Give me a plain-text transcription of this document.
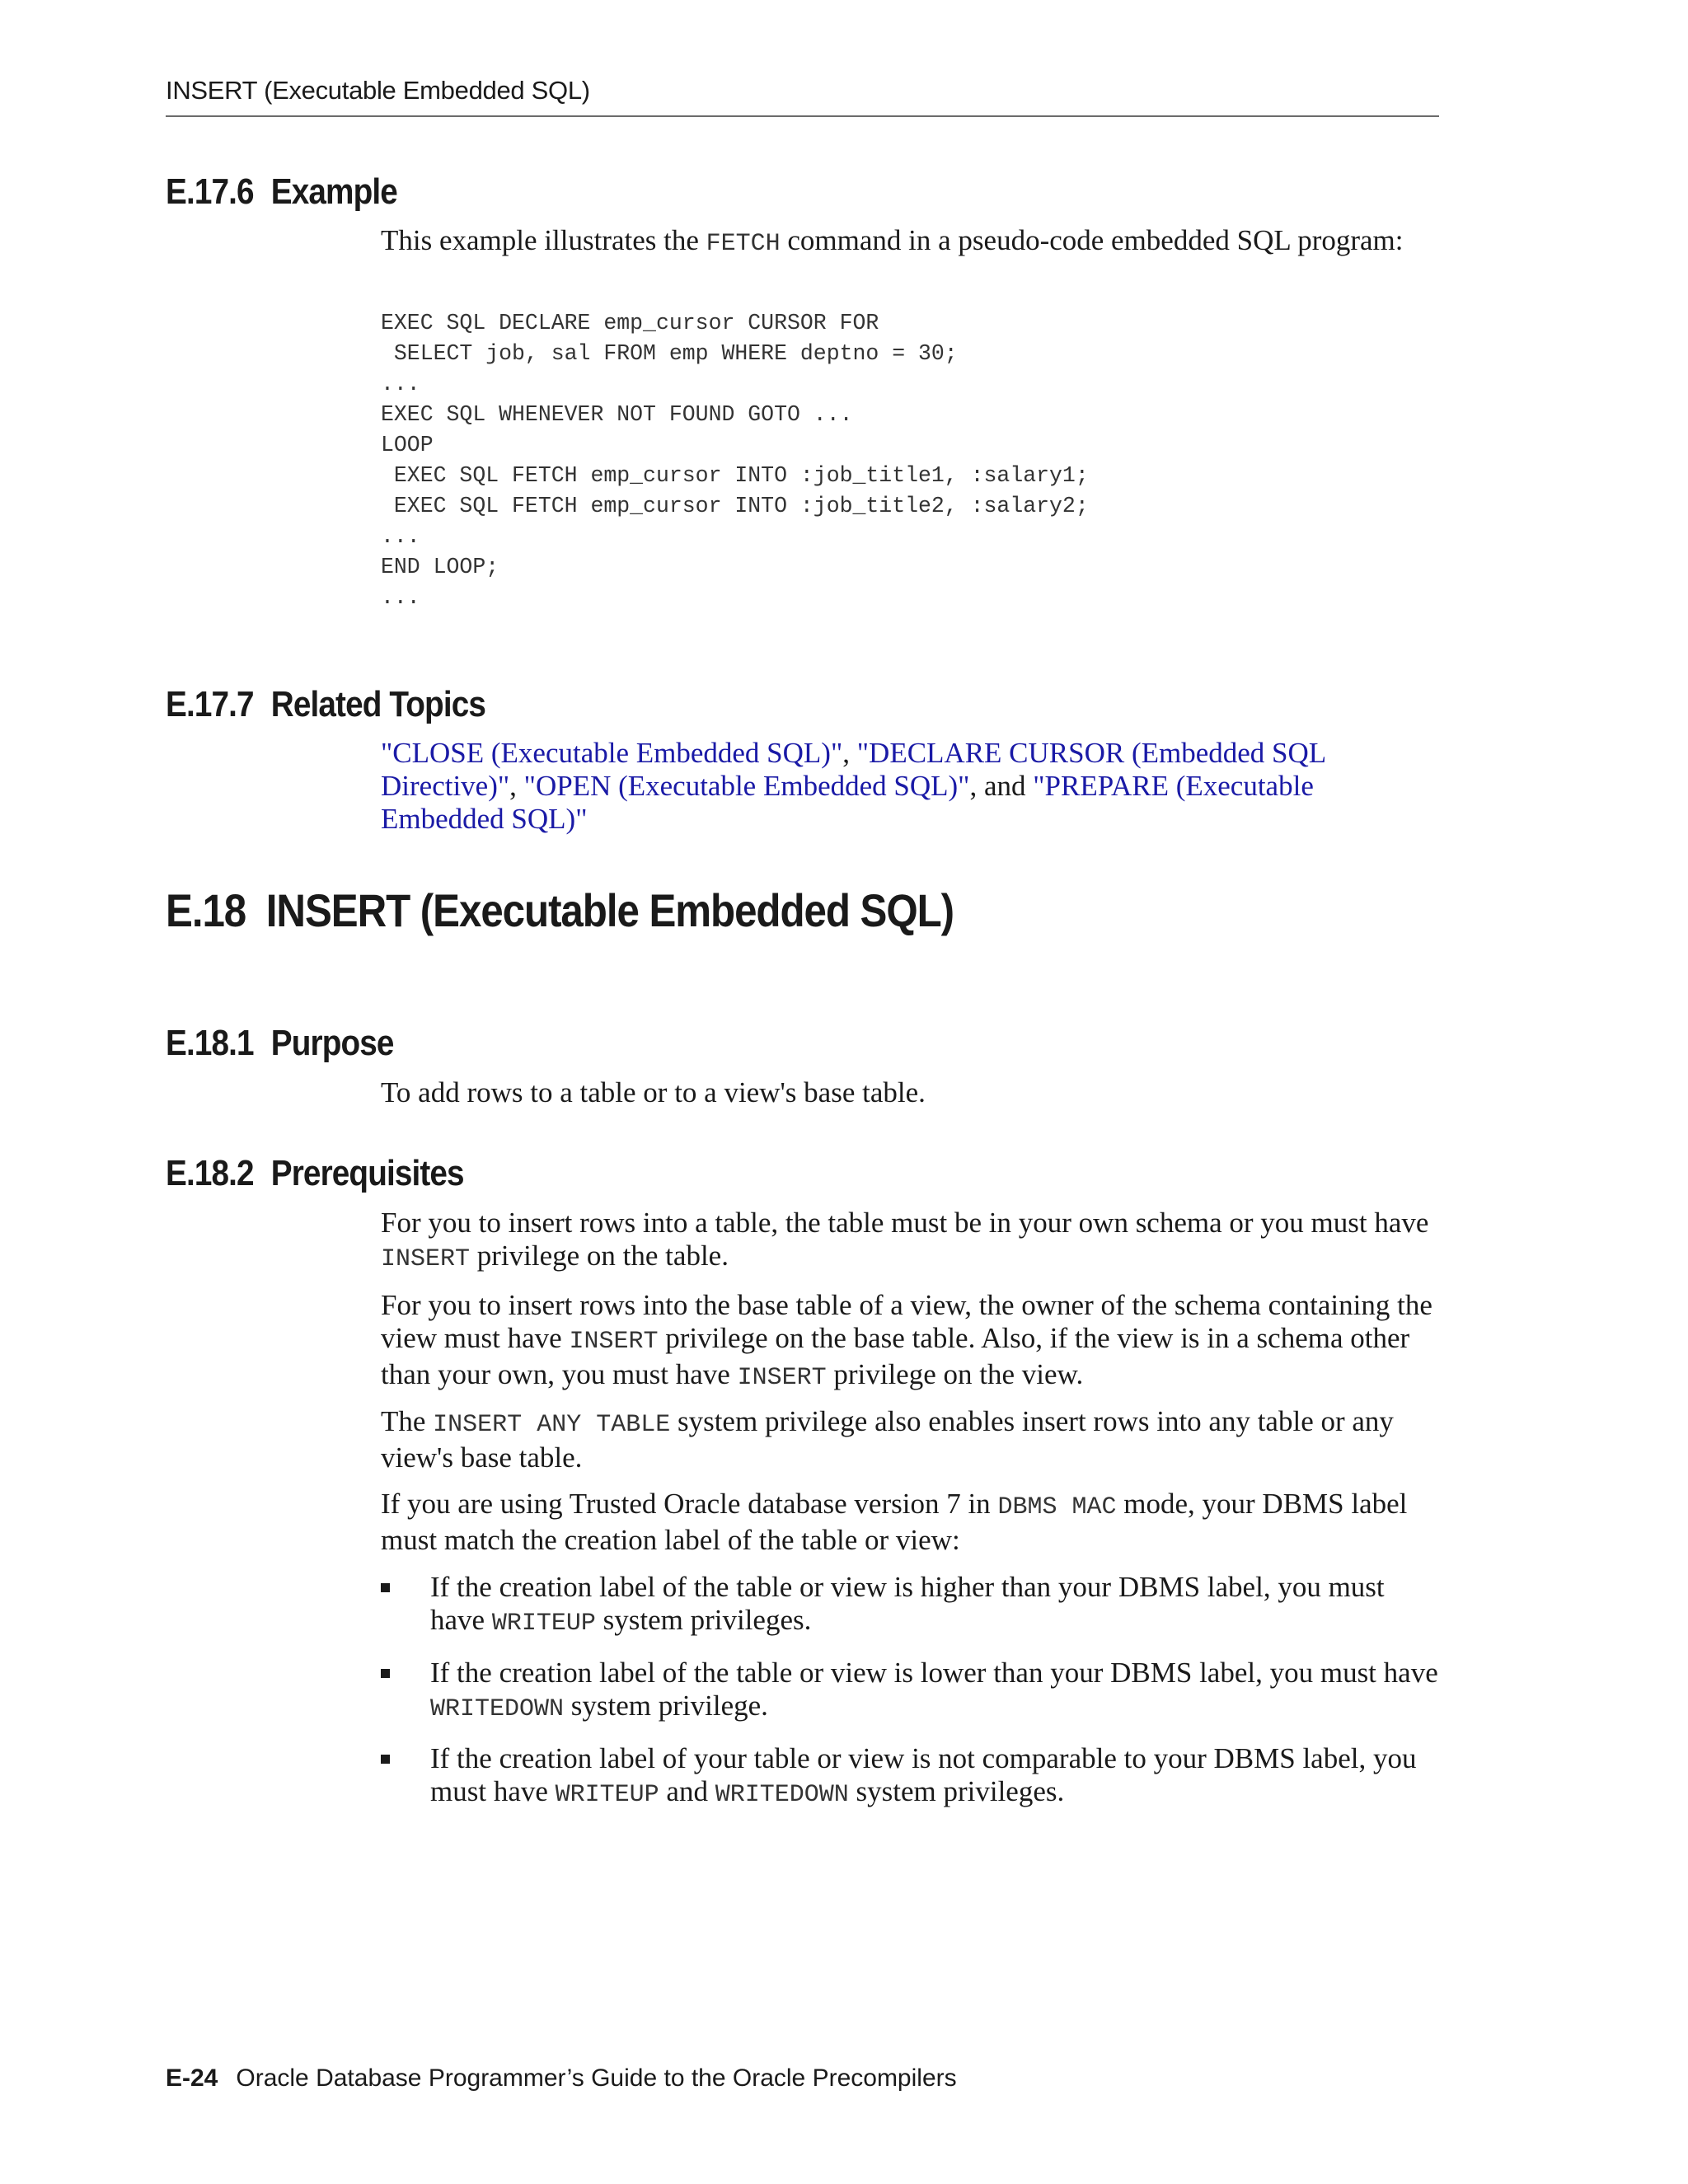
INSERT (Executable Embedded SQL)
E.17.6 Example
This example illustrates the FETCH command in a pseudo-code embedded SQL program:
EXEC SQL DECLARE emp_cursor CURSOR FOR
SELECT job, sal FROM emp WHERE deptno = 30;
...
EXEC SQL WHENEVER NOT FOUND GOTO ...
LOOP
EXEC SQL FETCH emp_cursor INTO :job_title1, :salary1;
EXEC SQL FETCH emp_cursor INTO :job_title2, :salary2;
...
END LOOP;
...
E.17.7 Related Topics
"CLOSE (Executable Embedded SQL)", "DECLARE CURSOR (Embedded SQL Directive)", "OPEN (Executable Embedded SQL)", and "PREPARE (Executable Embedded SQL)"
E.18 INSERT (Executable Embedded SQL)
E.18.1 Purpose
To add rows to a table or to a view's base table.
E.18.2 Prerequisites
For you to insert rows into a table, the table must be in your own schema or you must have INSERT privilege on the table.
For you to insert rows into the base table of a view, the owner of the schema containing the view must have INSERT privilege on the base table. Also, if the view is in a schema other than your own, you must have INSERT privilege on the view.
The INSERT ANY TABLE system privilege also enables insert rows into any table or any view's base table.
If you are using Trusted Oracle database version 7 in DBMS MAC mode, your DBMS label must match the creation label of the table or view:
If the creation label of the table or view is higher than your DBMS label, you must have WRITEUP system privileges.
If the creation label of the table or view is lower than your DBMS label, you must have WRITEDOWN system privilege.
If the creation label of your table or view is not comparable to your DBMS label, you must have WRITEUP and WRITEDOWN system privileges.
E-24 Oracle Database Programmer’s Guide to the Oracle Precompilers
